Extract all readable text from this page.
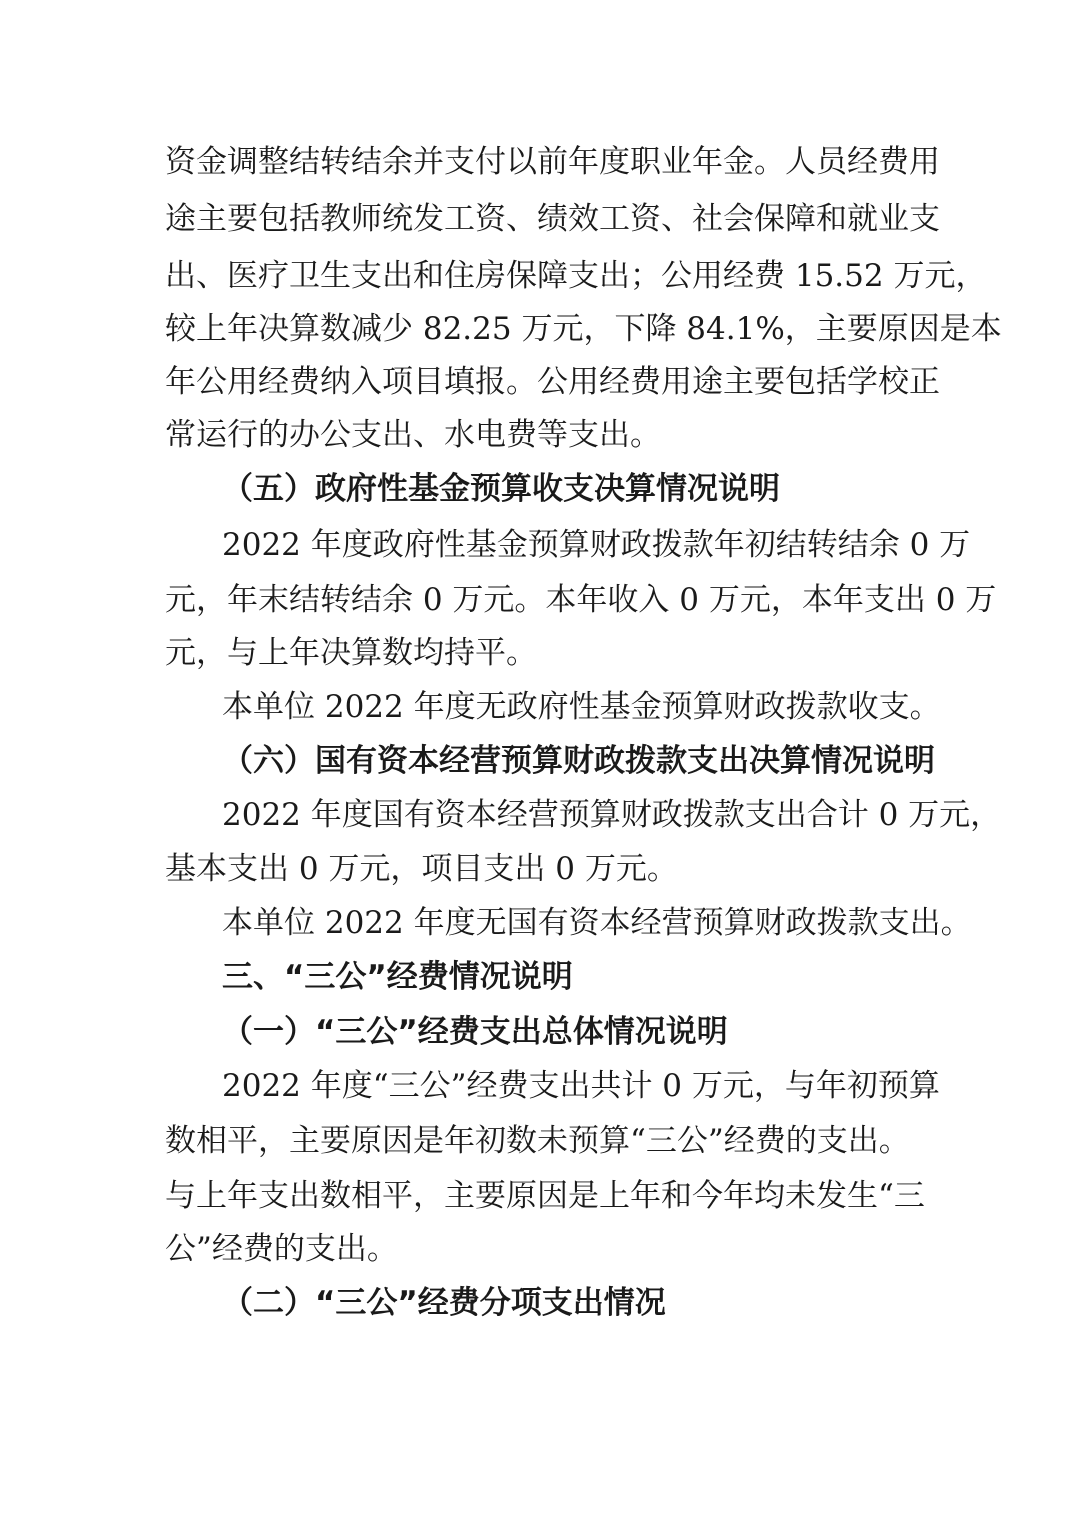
资金调整结转结余并支付以前年度职业年金。人员经费用
途主要包括教师统发工资、绩效工资、社会保障和就业支
出、医疗卫生支出和住房保障支出；公用经费 15.52 万元，
较上年决算数减少 82.25 万元，下降 84.1%，主要原因是本
年公用经费纳入项目填报。公用经费用途主要包括学校正
常运行的办公支出、水电费等支出。
（五）政府性基金预算收支决算情况说明
2022 年度政府性基金预算财政拨款年初结转结余 0 万
元，年末结转结余 0 万元。本年收入 0 万元，本年支出 0 万
元，与上年决算数均持平。
本单位 2022 年度无政府性基金预算财政拨款收支。
（六）国有资本经营预算财政拨款支出决算情况说明
2022 年度国有资本经营预算财政拨款支出合计 0 万元，
基本支出 0 万元，项目支出 0 万元。
本单位 2022 年度无国有资本经营预算财政拨款支出。
三、“三公”经费情况说明
（一）“三公”经费支出总体情况说明
2022 年度“三公”经费支出共计 0 万元，与年初预算
数相平，主要原因是年初数未预算“三公”经费的支出。
与上年支出数相平，主要原因是上年和今年均未发生“三
公”经费的支出。
（二）“三公”经费分项支出情况
